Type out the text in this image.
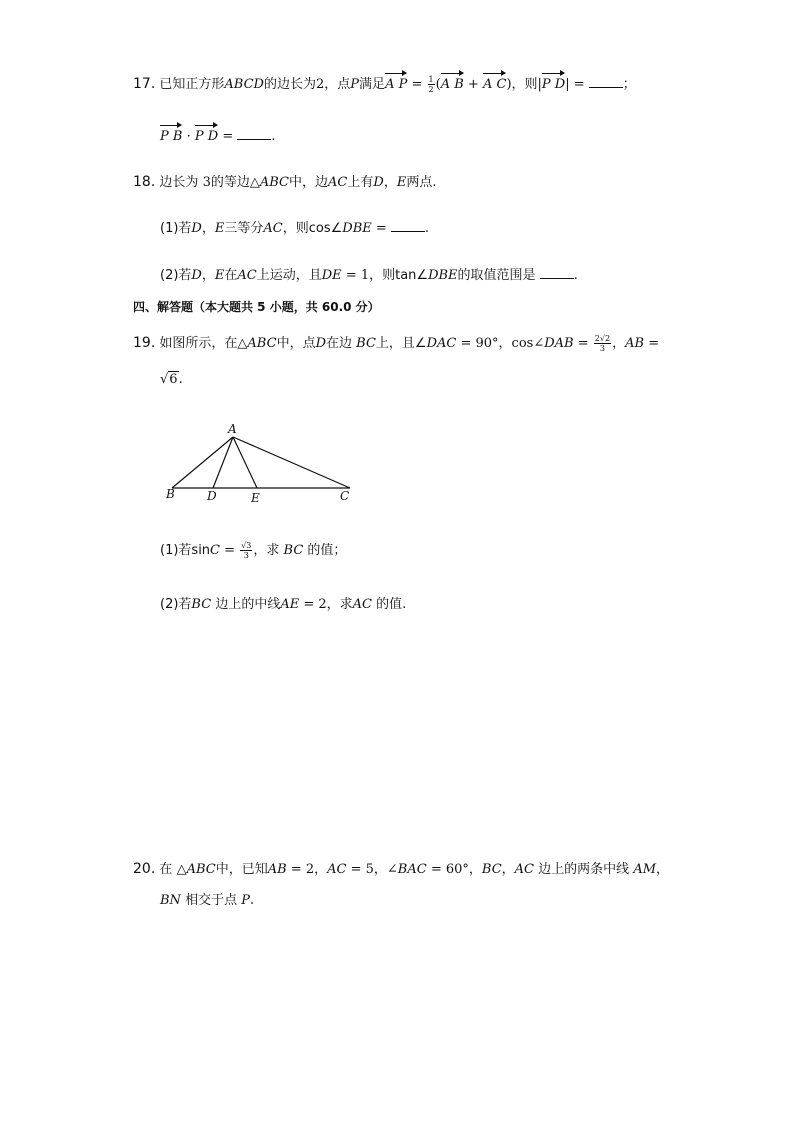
17. 已知正方形ABCD的边长为2，点P满足A $P = \frac{1}{2} (A$ B + A C)，则|P D| =	；
P B · P D =	.
18. 边长为 3的等边△ABC中，边AC上有D，E两点.
(1)若D，E三等分AC，则cos∠DBE =	.
(2)若D，E在AC上运动，且DE = 1，则tan∠DBE的取值范围是	.
四、解答题（本大题共 5 小题，共 60.0 分）
19. 如图所示，在△ABC中，点D在边 BC上，且∠DAC = 90°，cos∠DAB = $\frac{2√2}{3}$ ，AB =
√6.
A
B	D	E	C
(1)若$\sin C = \frac{√3}{3}$ ，求 BC 的值；
(2)若BC 边上的中线AE = 2，求AC 的值.
20. 在 △ABC中，已知AB = 2，AC = 5，∠BAC = 60°，BC，AC 边上的两条中线 AM，
BN 相交于点 P.
